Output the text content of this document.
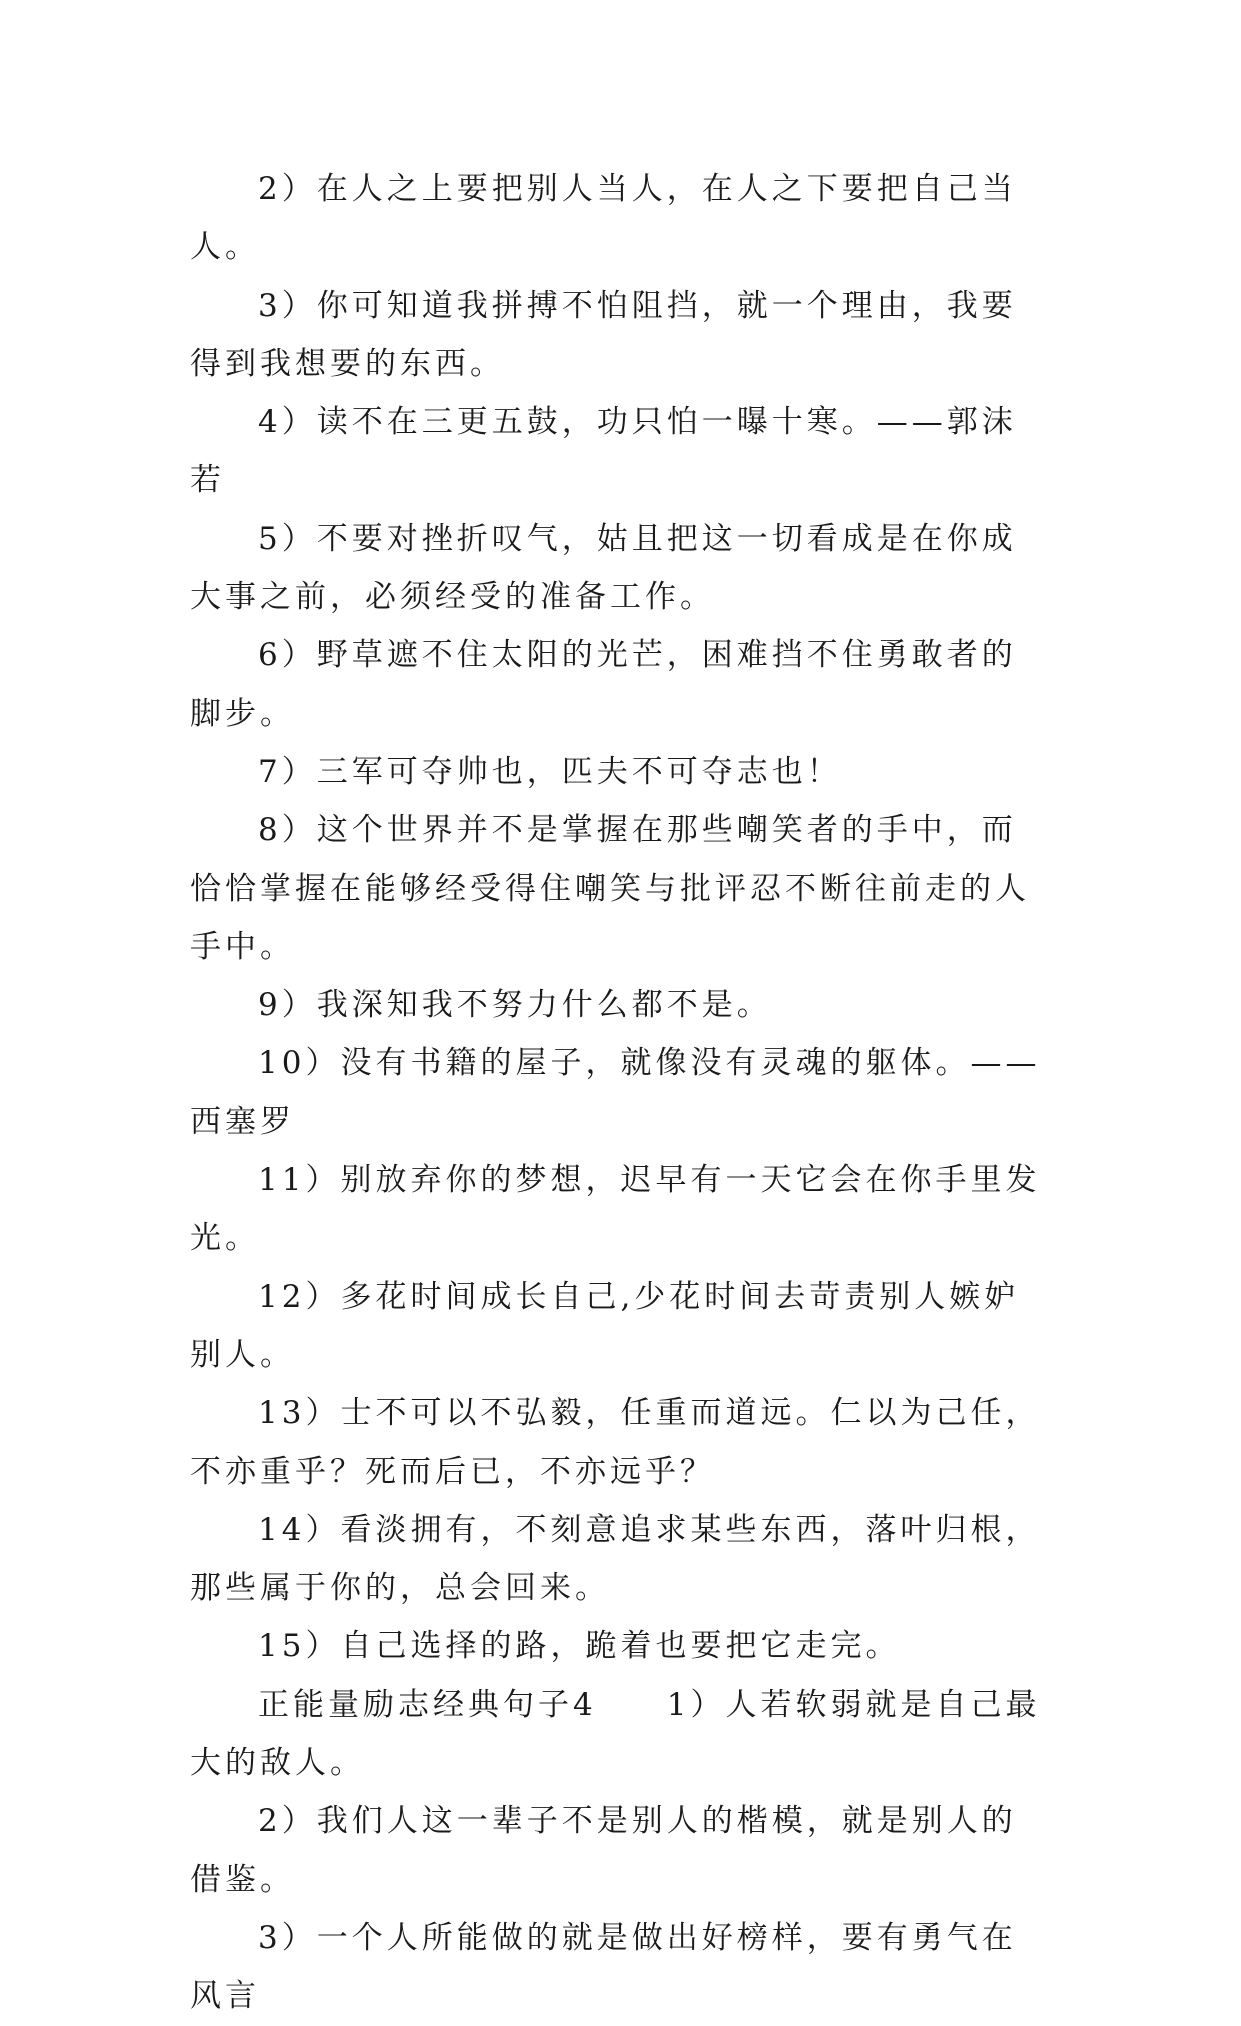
2）在人之上要把别人当人，在人之下要把自己当人。

3）你可知道我拼搏不怕阻挡，就一个理由，我要得到我想要的东西。

4）读不在三更五鼓，功只怕一曝十寒。——郭沫若

5）不要对挫折叹气，姑且把这一切看成是在你成大事之前，必须经受的准备工作。

6）野草遮不住太阳的光芒，困难挡不住勇敢者的脚步。

7）三军可夺帅也，匹夫不可夺志也！

8）这个世界并不是掌握在那些嘲笑者的手中，而恰恰掌握在能够经受得住嘲笑与批评忍不断往前走的人手中。

9）我深知我不努力什么都不是。

10）没有书籍的屋子，就像没有灵魂的躯体。——西塞罗

11）别放弃你的梦想，迟早有一天它会在你手里发光。

12）多花时间成长自己,少花时间去苛责别人嫉妒别人。

13）士不可以不弘毅，任重而道远。仁以为己任，不亦重乎？死而后已，不亦远乎？

14）看淡拥有，不刻意追求某些东西，落叶归根，那些属于你的，总会回来。

15）自己选择的路，跪着也要把它走完。

正能量励志经典句子4　　1）人若软弱就是自己最大的敌人。

2）我们人这一辈子不是别人的楷模，就是别人的借鉴。

3）一个人所能做的就是做出好榜样，要有勇气在风言
